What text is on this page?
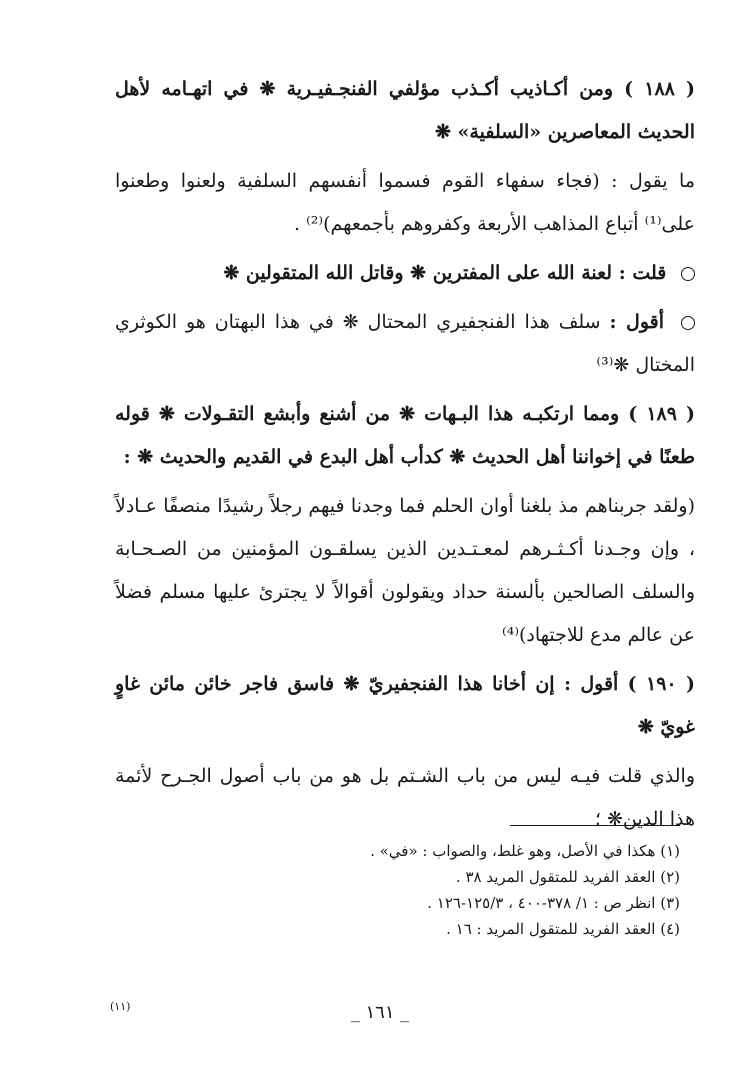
( ١٨٨ ) ومن أكـاذيب أكـذب مؤلفي الفنجـفيـرية ❋ في اتهـامه لأهل الحديث المعاصرين «السلفية» ❋

ما يقول : (فجاء سفهاء القوم فسموا أنفسهم السلفية ولعنوا وطعنوا على⁽¹⁾ أتباع المذاهب الأربعة وكفروهم بأجمعهم)⁽²⁾ .

قلت : لعنة الله على المفترين ❋ وقاتل الله المتقولين ❋

أقول : سلف هذا الفنجفيري المحتال ❋ في هذا البهتان هو الكوثري المختال ❋⁽³⁾

( ١٨٩ ) ومما ارتكبـه هذا البـهات ❋ من أشنع وأبشع التقـولات ❋ قوله طعنًا في إخواننا أهل الحديث ❋ كدأب أهل البدع في القديم والحديث ❋ :

(ولقد جربناهم مذ بلغنا أوان الحلم فما وجدنا فيهم رجلاً رشيدًا منصفًا عـادلاً ، وإن وجـدنا أكـثـرهم لمعـتـدين الذين يسلقـون المؤمنين من الصـحـابة والسلف الصالحين بألسنة حداد ويقولون أقوالاً لا يجترئ عليها مسلم فضلاً عن عالم مدع للاجتهاد)⁽⁴⁾

( ١٩٠ ) أقول : إن أخانا هذا الفنجفيريّ ❋ فاسق فاجر خائن مائن غاوٍ غويّ ❋

والذي قلت فيـه ليس من باب الشـتم بل هو من باب أصول الجـرح لأئمة هذا الدين❋ ؛

(١) هكذا في الأصل، وهو غلط، والصواب : «في» .

(٢) العقد الفريد للمتقول المريد ٣٨ .

(٣) انظر ص : ١/ ٣٧٨-٤٠٠ ، ١٢٥/٣-١٢٦ .

(٤) العقد الفريد للمتقول المريد : ١٦ .

_ ١٦١ _
(١١)
